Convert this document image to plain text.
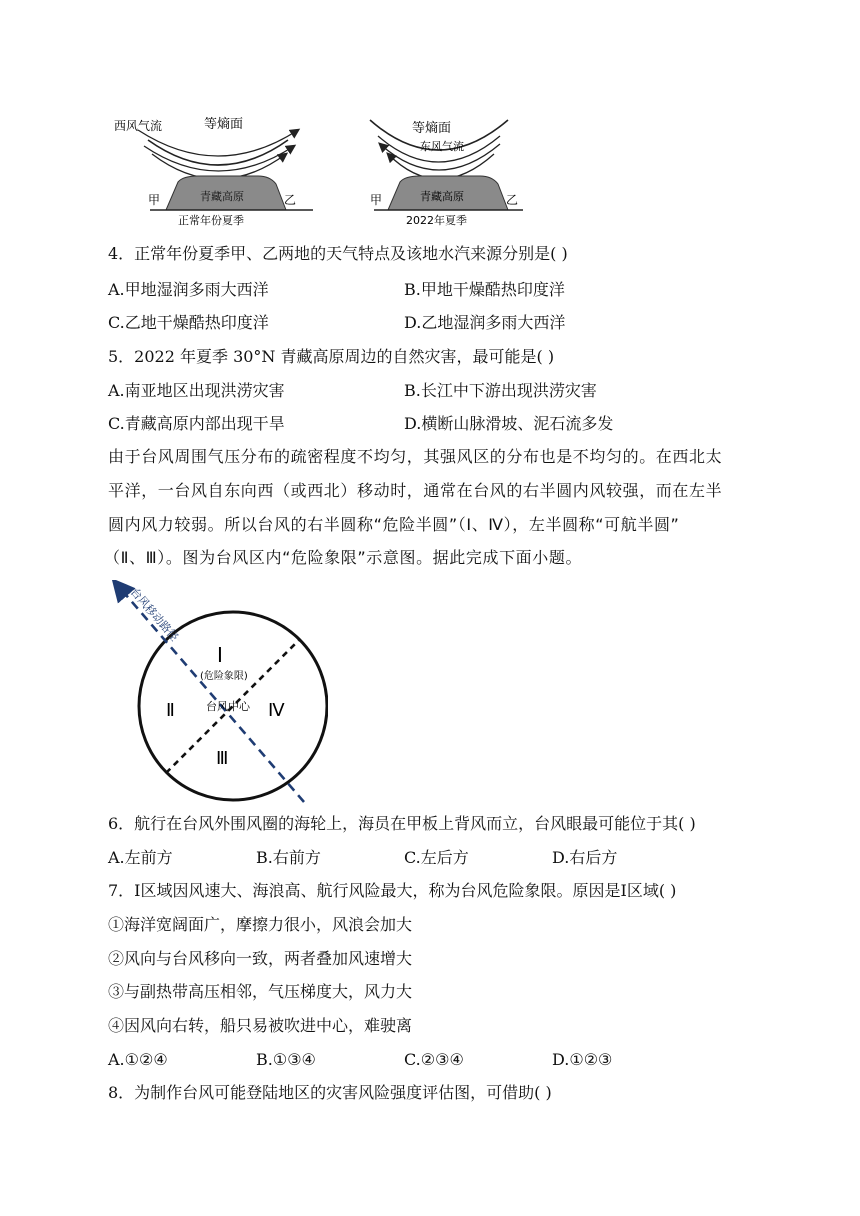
西风气流	等熵面
青藏高原
甲	乙
正常年份夏季
等熵面
东风气流
青藏高原
甲	乙
2022年夏季
4．正常年份夏季甲、乙两地的天气特点及该地水汽来源分别是( )
A.甲地湿润多雨大西洋	B.甲地干燥酷热印度洋
C.乙地干燥酷热印度洋	D.乙地湿润多雨大西洋
5．2022 年夏季 30°N 青藏高原周边的自然灾害，最可能是( )
A.南亚地区出现洪涝灾害	B.长江中下游出现洪涝灾害
C.青藏高原内部出现干旱	D.横断山脉滑坡、泥石流多发
由于台风周围气压分布的疏密程度不均匀，其强风区的分布也是不均匀的。在西北太
平洋，一台风自东向西（或西北）移动时，通常在台风的右半圆内风较强，而在左半
圆内风力较弱。所以台风的右半圆称“危险半圆”（Ⅰ、Ⅳ），左半圆称“可航半圆”
（Ⅱ、Ⅲ）。图为台风区内“危险象限”示意图。据此完成下面小题。
台风移动路径
Ⅰ
(危险象限)
Ⅱ
Ⅲ
Ⅳ
台风中心
6．航行在台风外围风圈的海轮上，海员在甲板上背风而立，台风眼最可能位于其( )
A.左前方	B.右前方	C.左后方	D.右后方
7．Ⅰ区域因风速大、海浪高、航行风险最大，称为台风危险象限。原因是Ⅰ区域( )
①海洋宽阔面广，摩擦力很小，风浪会加大
②风向与台风移向一致，两者叠加风速增大
③与副热带高压相邻，气压梯度大，风力大
④因风向右转，船只易被吹进中心，难驶离
A.①②④	B.①③④	C.②③④	D.①②③
8．为制作台风可能登陆地区的灾害风险强度评估图，可借助( )
